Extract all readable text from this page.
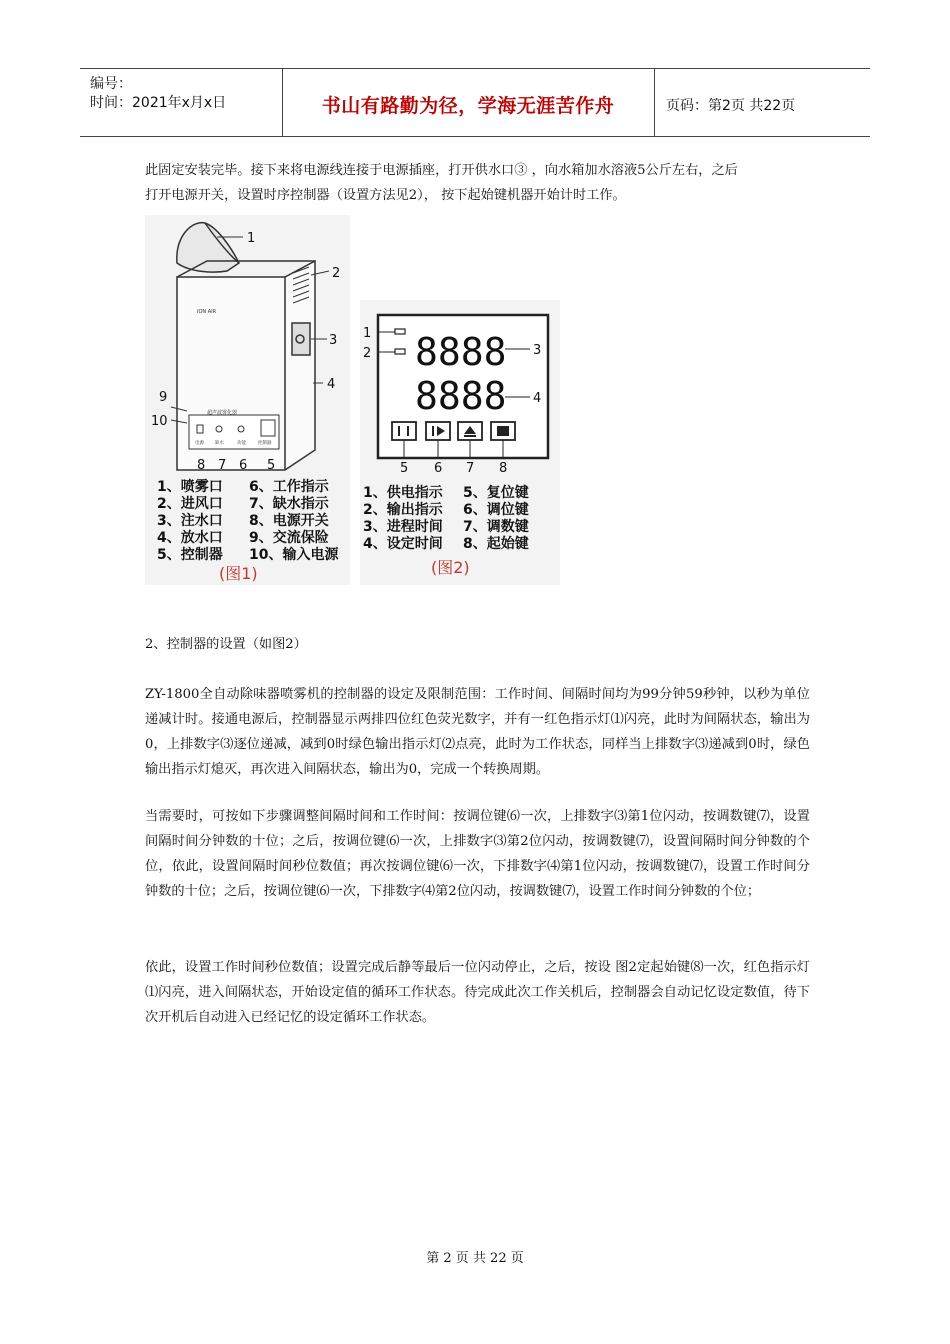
编号：
时间：2021年x月x日	书山有路勤为径，学海无涯苦作舟	页码：第2页 共22页
此固定安装完毕。接下来将电源线连接于电源插座，打开供水口③ ，向水箱加水溶液5公斤左右，之后
打开电源开关，设置时序控制器（设置方法见2）， 按下起始键机器开始计时工作。
ION AIR
超声波雾化器
电源 缺水	功能	控制器
1
2
3
4
9
10
8 7 6 5
1、喷雾口 6、工作指示
2、进风口 7、缺水指示
3、注水口 8、电源开关
4、放水口 9、交流保险
5、控制器 10、输入电源
(图1)
8888
8888
1
2	3
4
5 6 7 8
1、供电指示 5、复位键
2、输出指示 6、调位键
3、进程时间 7、调数键
4、设定时间 8、起始键
(图2)
2、控制器的设置（如图2）
ZY-1800全自动除味器喷雾机的控制器的设定及限制范围：工作时间、间隔时间均为99分钟59秒钟，以秒为单位递减计时。接通电源后，控制器显示两排四位红色荧光数字，并有一红色指示灯⑴闪亮，此时为间隔状态，输出为0，上排数字⑶逐位递减，减到0时绿色输出指示灯⑵点亮，此时为工作状态，同样当上排数字⑶递减到0时，绿色输出指示灯熄灭，再次进入间隔状态，输出为0，完成一个转换周期。
当需要时，可按如下步骤调整间隔时间和工作时间：按调位键⑹一次，上排数字⑶第1位闪动，按调数键⑺，设置间隔时间分钟数的十位；之后，按调位键⑹一次，上排数字⑶第2位闪动，按调数键⑺，设置间隔时间分钟数的个位，依此，设置间隔时间秒位数值；再次按调位键⑹一次，下排数字⑷第1位闪动，按调数键⑺，设置工作时间分钟数的十位；之后，按调位键⑹一次，下排数字⑷第2位闪动，按调数键⑺，设置工作时间分钟数的个位；
依此，设置工作时间秒位数值；设置完成后静等最后一位闪动停止，之后，按设 图2定起始键⑻一次，红色指示灯⑴闪亮，进入间隔状态，开始设定值的循环工作状态。待完成此次工作关机后，控制器会自动记忆设定数值，待下次开机后自动进入已经记忆的设定循环工作状态。
第 2 页 共 22 页
